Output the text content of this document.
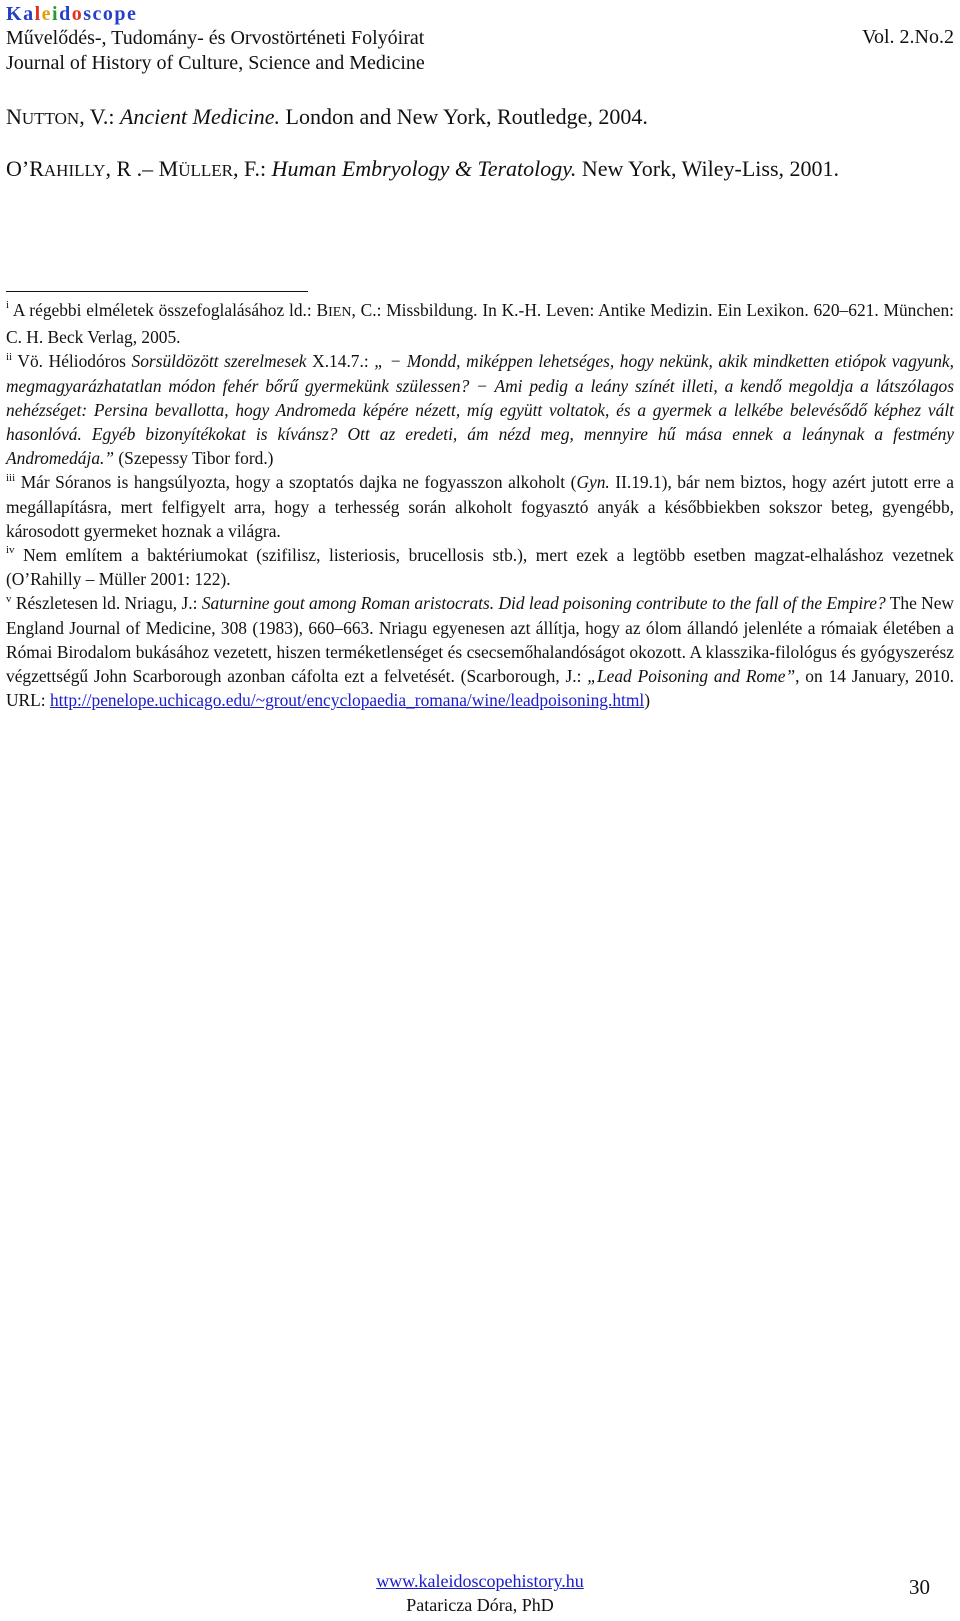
Kaleidoscope
Művelődés-, Tudomány- és Orvostörténeti Folyóirat
Journal of History of Culture, Science and Medicine
Vol. 2.No.2

NUTTON, V.: Ancient Medicine. London and New York, Routledge, 2004.

O’RAHILLY, R .– MÜLLER, F.: Human Embryology & Teratology. New York, Wiley-Liss, 2001.

$^i$ A régebbi elméletek összefoglalásához ld.: BIEN, C.: Missbildung. In K.-H. Leven: Antike Medizin. Ein Lexikon. 620–621. München: C. H. Beck Verlag, 2005.

$^{ii}$ Vö. Héliodóros Sorsüldözött szerelmesek X.14.7.: „ − Mondd, miképpen lehetséges, hogy nekünk, akik mindketten etiópok vagyunk, megmagyarázhatatlan módon fehér bőrű gyermekünk szülessen? − Ami pedig a leány színét illeti, a kendő megoldja a látszólagos nehézséget: Persina bevallotta, hogy Andromeda képére nézett, míg együtt voltatok, és a gyermek a lelkébe belevésődő képhez vált hasonlóvá. Egyéb bizonyítékokat is kívánsz? Ott az eredeti, ám nézd meg, mennyire hű mása ennek a leánynak a festmény Andromedája.” (Szepessy Tibor ford.)

$^{iii}$ Már Sóranos is hangsúlyozta, hogy a szoptatós dajka ne fogyasszon alkoholt (Gyn. II.19.1), bár nem biztos, hogy azért jutott erre a megállapításra, mert felfigyelt arra, hogy a terhesség során alkoholt fogyasztó anyák a későbbiekben sokszor beteg, gyengébb, károsodott gyermeket hoznak a világra.

$^{iv}$ Nem említem a baktériumokat (szifilisz, listeriosis, brucellosis stb.), mert ezek a legtöbb esetben magzat-elhaláshoz vezetnek (O’Rahilly – Müller 2001: 122).

$^v$ Részletesen ld. Nriagu, J.: Saturnine gout among Roman aristocrats. Did lead poisoning contribute to the fall of the Empire? The New England Journal of Medicine, 308 (1983), 660–663. Nriagu egyenesen azt állítja, hogy az ólom állandó jelenléte a rómaiak életében a Római Birodalom bukásához vezetett, hiszen terméketlenséget és csecsemőhalandóságot okozott. A klasszika-filológus és gyógyszerész végzettségű John Scarborough azonban cáfolta ezt a felvetését. (Scarborough, J.: „Lead Poisoning and Rome”, on 14 January, 2010. URL: http://penelope.uchicago.edu/~grout/encyclopaedia_romana/wine/leadpoisoning.html)

www.kaleidoscopehistory.hu
Pataricza Dóra, PhD
30
